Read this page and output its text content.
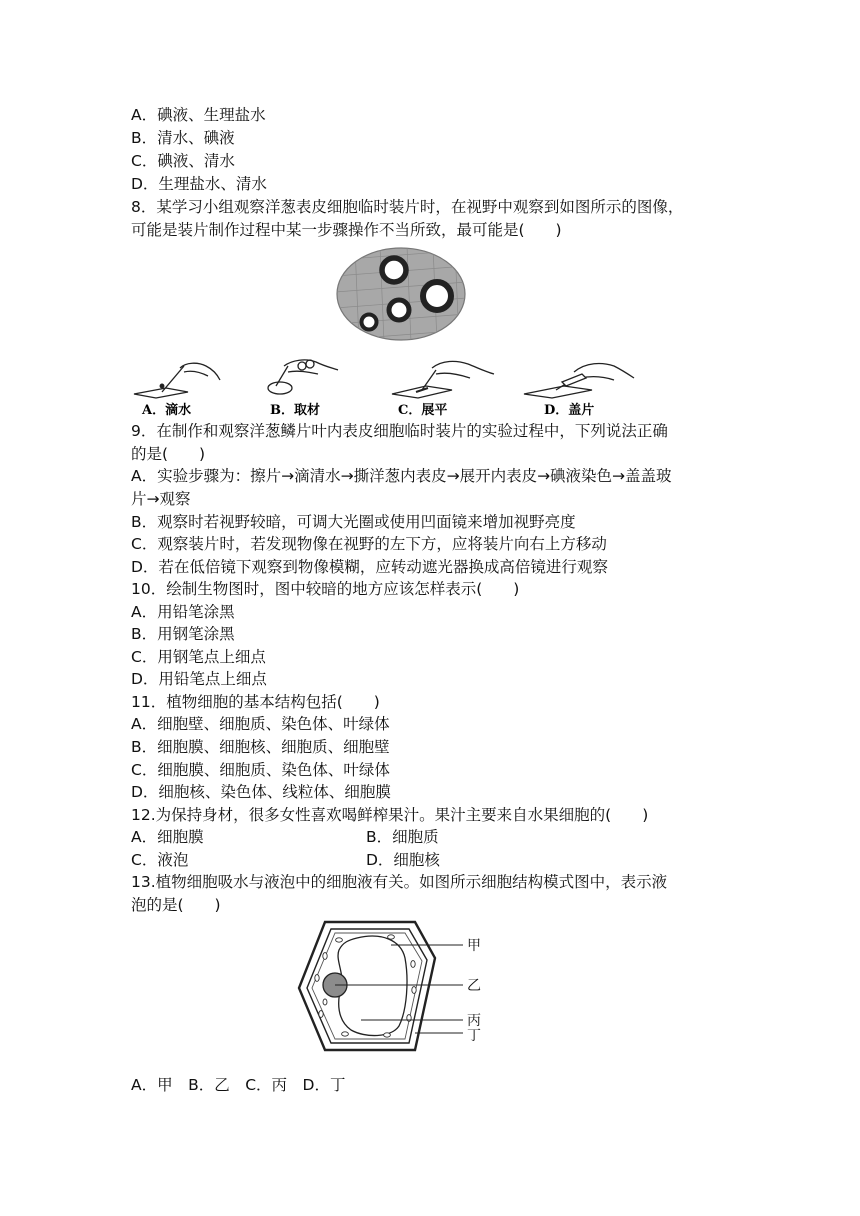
A．碘液、生理盐水
B．清水、碘液
C．碘液、清水
D．生理盐水、清水
8．某学习小组观察洋葱表皮细胞临时装片时，在视野中观察到如图所示的图像，
可能是装片制作过程中某一步骤操作不当所致，最可能是(　　)
A．滴水	B．取材	C．展平	D．盖片
9．在制作和观察洋葱鳞片叶内表皮细胞临时装片的实验过程中，下列说法正确
的是(　　)
A．实验步骤为：擦片→滴清水→撕洋葱内表皮→展开内表皮→碘液染色→盖盖玻
片→观察
B．观察时若视野较暗，可调大光圈或使用凹面镜来增加视野亮度
C．观察装片时，若发现物像在视野的左下方，应将装片向右上方移动
D．若在低倍镜下观察到物像模糊，应转动遮光器换成高倍镜进行观察
10．绘制生物图时，图中较暗的地方应该怎样表示(　　)
A．用铅笔涂黑
B．用钢笔涂黑
C．用钢笔点上细点
D．用铅笔点上细点
11．植物细胞的基本结构包括(　　)
A．细胞壁、细胞质、染色体、叶绿体
B．细胞膜、细胞核、细胞质、细胞壁
C．细胞膜、细胞质、染色体、叶绿体
D．细胞核、染色体、线粒体、细胞膜
12.为保持身材，很多女性喜欢喝鲜榨果汁。果汁主要来自水果细胞的(　　)
A．细胞膜	B．细胞质
C．液泡	D．细胞核
13.植物细胞吸水与液泡中的细胞液有关。如图所示细胞结构模式图中，表示液
泡的是(　　)
甲
乙
丙
丁
A．甲　B．乙　C．丙　D．丁
